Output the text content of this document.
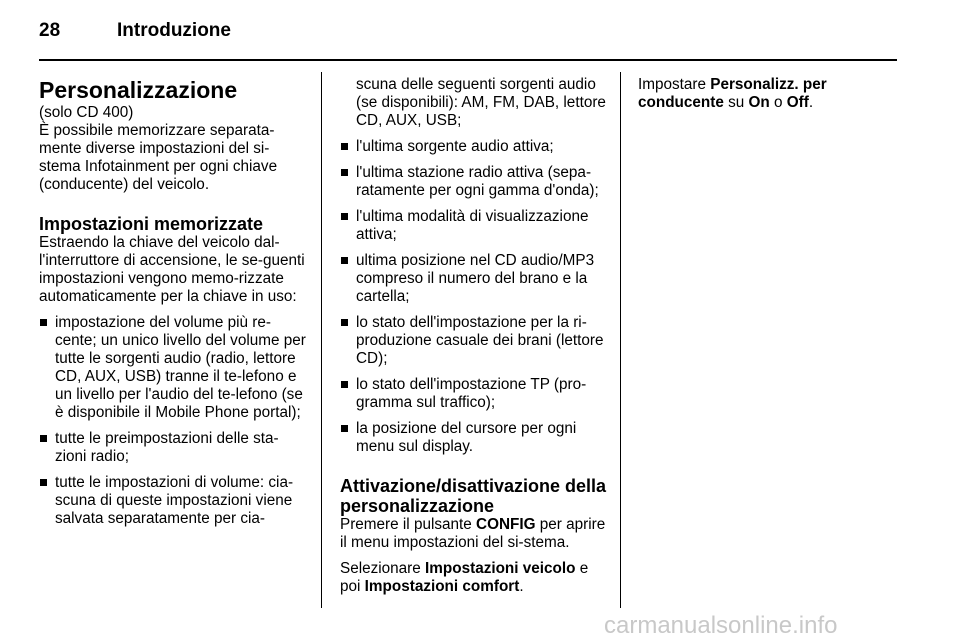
28	Introduzione
Personalizzazione

(solo CD 400)

È possibile memorizzare separata-mente diverse impostazioni del si-stema Infotainment per ogni chiave (conducente) del veicolo.

Impostazioni memorizzate

Estraendo la chiave del veicolo dal-l'interruttore di accensione, le se-guenti impostazioni vengono memo-rizzate automaticamente per la chiave in uso:

impostazione del volume più re-cente; un unico livello del volume per tutte le sorgenti audio (radio, lettore CD, AUX, USB) tranne il te-lefono e un livello per l'audio del te-lefono (se è disponibile il Mobile Phone portal);
tutte le preimpostazioni delle sta-zioni radio;
tutte le impostazioni di volume: cia-scuna di queste impostazioni viene salvata separatamente per cia-
scuna delle seguenti sorgenti audio (se disponibili): AM, FM, DAB, lettore CD, AUX, USB;
l'ultima sorgente audio attiva;
l'ultima stazione radio attiva (sepa-ratamente per ogni gamma d'onda);
l'ultima modalità di visualizzazione attiva;
ultima posizione nel CD audio/MP3 compreso il numero del brano e la cartella;
lo stato dell'impostazione per la ri-produzione casuale dei brani (lettore CD);
lo stato dell'impostazione TP (pro-gramma sul traffico);
la posizione del cursore per ogni menu sul display.
Attivazione/disattivazione della personalizzazione

Premere il pulsante CONFIG per aprire il menu impostazioni del si-stema.

Selezionare Impostazioni veicolo e poi Impostazioni comfort.

Impostare Personalizz. per conducente su On o Off.

carmanualsonline.info
